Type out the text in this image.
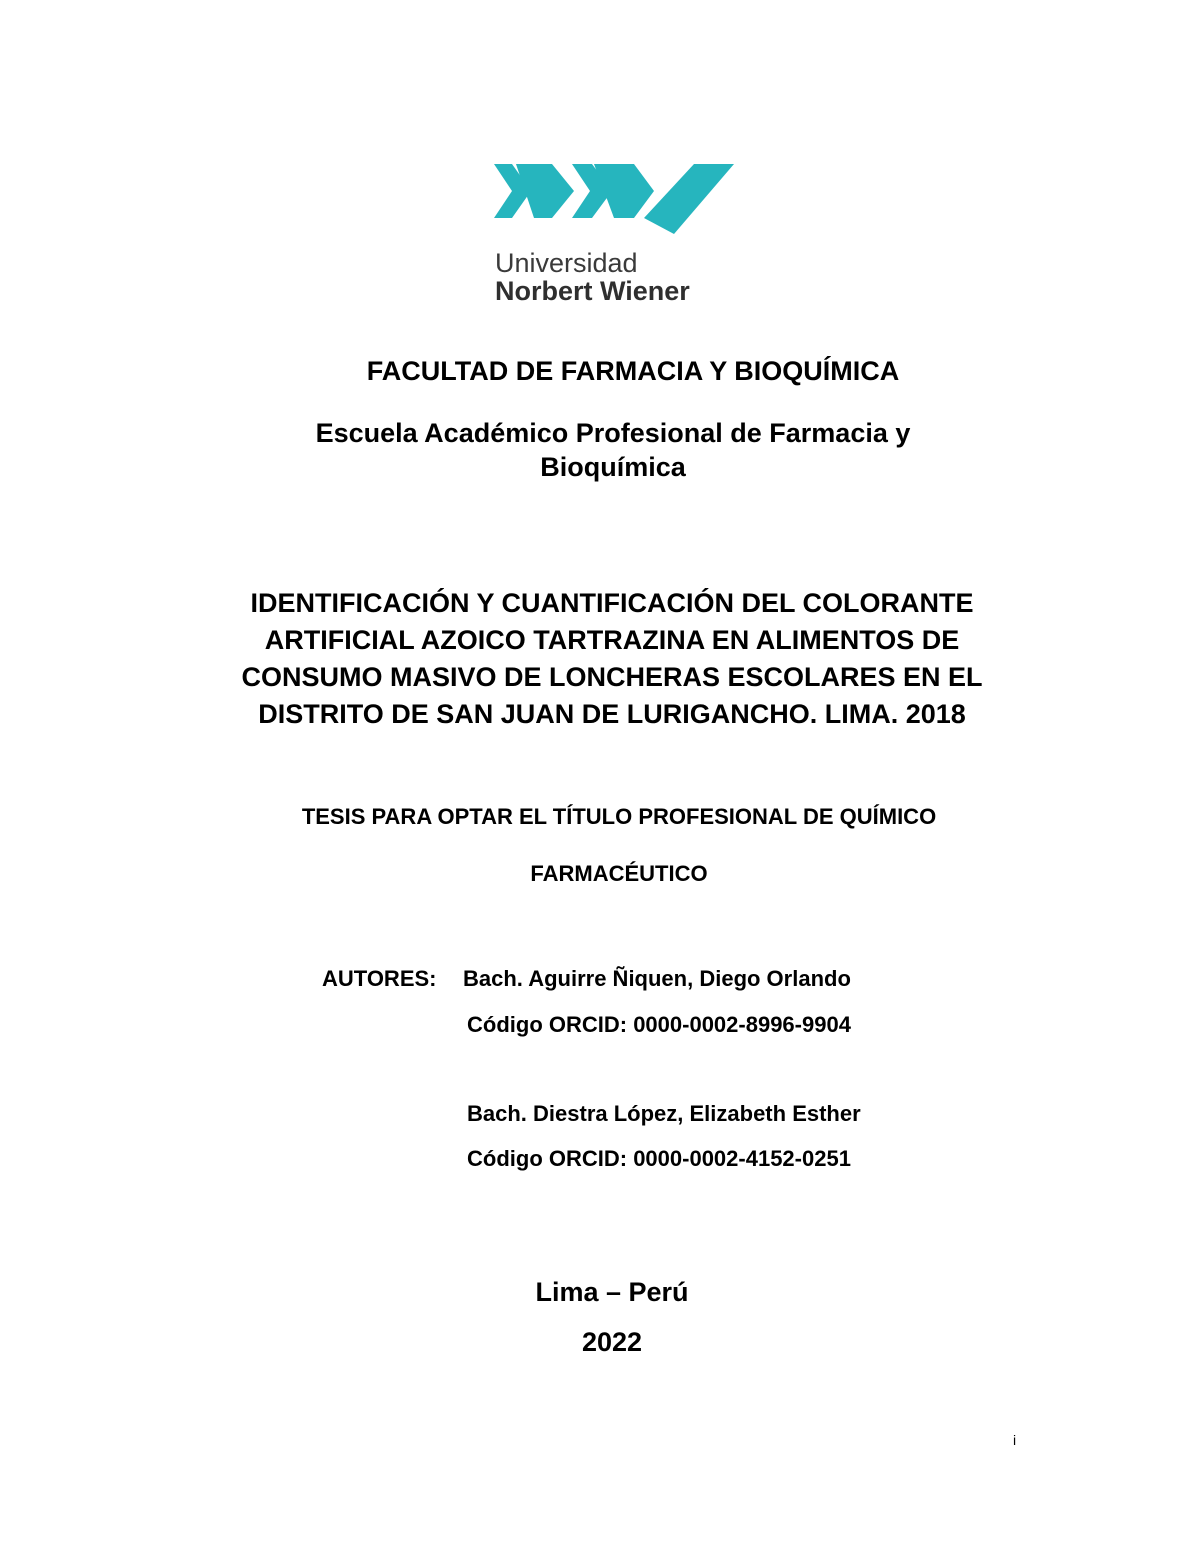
Universidad
Norbert Wiener
FACULTAD DE FARMACIA Y BIOQUÍMICA
Escuela Académico Profesional de Farmacia y
Bioquímica
IDENTIFICACIÓN Y CUANTIFICACIÓN DEL COLORANTE
ARTIFICIAL AZOICO TARTRAZINA EN ALIMENTOS DE
CONSUMO MASIVO DE LONCHERAS ESCOLARES EN EL
DISTRITO DE SAN JUAN DE LURIGANCHO. LIMA. 2018
TESIS PARA OPTAR EL TÍTULO PROFESIONAL DE QUÍMICO
FARMACÉUTICO
AUTORES: Bach. Aguirre Ñiquen, Diego Orlando
Código ORCID: 0000-0002-8996-9904
Bach. Diestra López, Elizabeth Esther
Código ORCID: 0000-0002-4152-0251
Lima – Perú
2022
i
